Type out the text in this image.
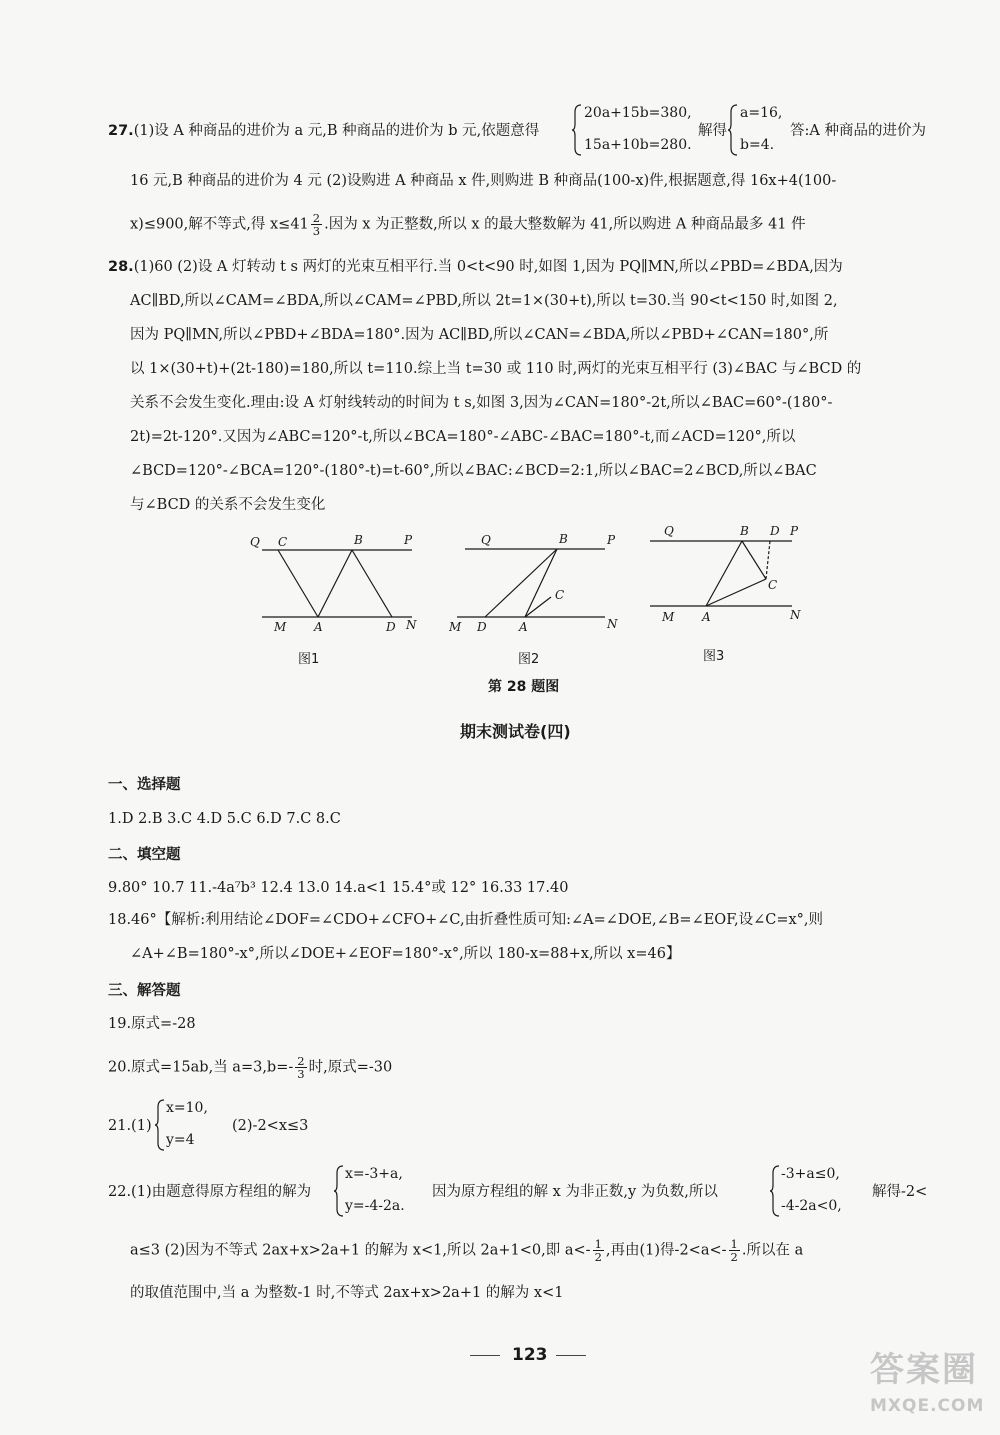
27.(1)设 A 种商品的进价为 a 元,B 种商品的进价为 b 元,依题意得
20a+15b=380,
15a+10b=280.
解得
a=16,
b=4.
答:A 种商品的进价为
16 元,B 种商品的进价为 4 元 (2)设购进 A 种商品 x 件,则购进 B 种商品(100-x)件,根据题意,得 16x+4(100-
x)≤900,解不等式,得 $x\le 41 \frac{2}{3}$ .因为 x 为正整数,所以 x 的最大整数解为 41,所以购进 A 种商品最多 41 件
28.(1)60 (2)设 A 灯转动 t s 两灯的光束互相平行.当 0<t<90 时,如图 1,因为 PQ∥MN,所以∠PBD=∠BDA,因为
AC∥BD,所以∠CAM=∠BDA,所以∠CAM=∠PBD,所以 2t=1×(30+t),所以 t=30.当 90<t<150 时,如图 2,
因为 PQ∥MN,所以∠PBD+∠BDA=180°.因为 AC∥BD,所以∠CAN=∠BDA,所以∠PBD+∠CAN=180°,所
以 1×(30+t)+(2t-180)=180,所以 t=110.综上当 t=30 或 110 时,两灯的光束互相平行 (3)∠BAC 与∠BCD 的
关系不会发生变化.理由:设 A 灯射线转动的时间为 t s,如图 3,因为∠CAN=180°-2t,所以∠BAC=60°-(180°-
2t)=2t-120°.又因为∠ABC=120°-t,所以∠BCA=180°-∠ABC-∠BAC=180°-t,而∠ACD=120°,所以
∠BCD=120°-∠BCA=120°-(180°-t)=t-60°,所以∠BAC:∠BCD=2:1,所以∠BAC=2∠BCD,所以∠BAC
与∠BCD 的关系不会发生变化
Q C	B	P
M A	D N
图1
Q	B	P
C
M D	A	N
图2
Q	B D P
C
M A	N
图3
第 28 题图
期末测试卷(四)
一、选择题
1.D 2.B 3.C 4.D 5.C 6.D 7.C 8.C
二、填空题
9.80° 10.7 11.-4a⁷b³ 12.4 13.0 14.a<1 15.4°或 12° 16.33 17.40
18.46°【解析:利用结论∠DOF=∠CDO+∠CFO+∠C,由折叠性质可知:∠A=∠DOE,∠B=∠EOF,设∠C=x°,则
∠A+∠B=180°-x°,所以∠DOE+∠EOF=180°-x°,所以 180-x=88+x,所以 x=46】
三、解答题
19.原式=-28
20.原式=15ab,当 $a=3,b=- \frac{2}{3}$ 时,原式=-30
21.(1)
x=10,
y=4
(2)-2<x≤3
22.(1)由题意得原方程组的解为
x=-3+a,
y=-4-2a.
因为原方程组的解 x 为非正数,y 为负数,所以
-3+a≤0,
-4-2a<0,
解得-2<
a≤3 (2)因为不等式 2ax+x>2a+1 的解为 x<1,所以 2a+1<0,即 $a<- \frac{1}{2}$ ,再由(1)得$-2<a<- \frac{1}{2}$ .所以在 a
的取值范围中,当 a 为整数-1 时,不等式 2ax+x>2a+1 的解为 x<1
123	答案圈
MXQE.COM
